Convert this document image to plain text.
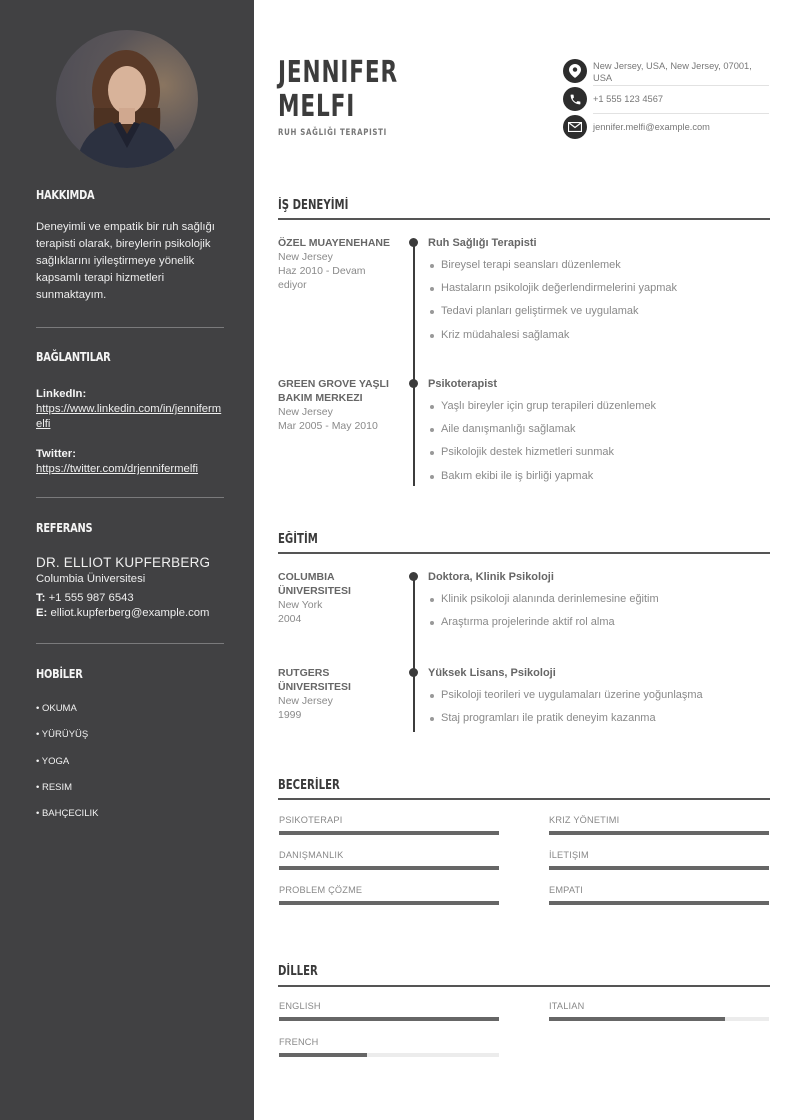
HAKKIMDA
Deneyimli ve empatik bir ruh sağlığı terapisti olarak, bireylerin psikolojik sağlıklarını iyileştirmeye yönelik kapsamlı terapi hizmetleri sunmaktayım.
BAĞLANTILAR
LinkedIn:
https://www.linkedin.com/in/jennifermelfi
Twitter:
https://twitter.com/drjennifermelfi
REFERANS
DR. ELLIOT KUPFERBERG
Columbia Üniversitesi
T: +1 555 987 6543
E: elliot.kupferberg@example.com
HOBİLER
• OKUMA
• YÜRÜYÜŞ
• YOGA
• RESIM
• BAHÇECILIK
JENNIFER
MELFI
RUH SAĞLIĞI TERAPISTI
New Jersey, USA, New Jersey, 07001, USA
+1 555 123 4567
jennifer.melfi@example.com
İŞ DENEYİMİ
ÖZEL MUAYENEHANE
New Jersey
Haz 2010 - Devam ediyor
Ruh Sağlığı Terapisti
Bireysel terapi seansları düzenlemek
Hastaların psikolojik değerlendirmelerini yapmak
Tedavi planları geliştirmek ve uygulamak
Kriz müdahalesi sağlamak
GREEN GROVE YAŞLI BAKIM MERKEZI
New Jersey
Mar 2005 - May 2010
Psikoterapist
Yaşlı bireyler için grup terapileri düzenlemek
Aile danışmanlığı sağlamak
Psikolojik destek hizmetleri sunmak
Bakım ekibi ile iş birliği yapmak
EĞİTİM
COLUMBIA ÜNIVERSITESI
New York
2004
Doktora, Klinik Psikoloji
Klinik psikoloji alanında derinlemesine eğitim
Araştırma projelerinde aktif rol alma
RUTGERS ÜNIVERSITESI
New Jersey
1999
Yüksek Lisans, Psikoloji
Psikoloji teorileri ve uygulamaları üzerine yoğunlaşma
Staj programları ile pratik deneyim kazanma
BECERİLER
PSIKOTERAPI	KRIZ YÖNETIMI
DANIŞMANLIK	İLETIŞIM
PROBLEM ÇÖZME	EMPATI
DİLLER
ENGLISH	ITALIAN
FRENCH
